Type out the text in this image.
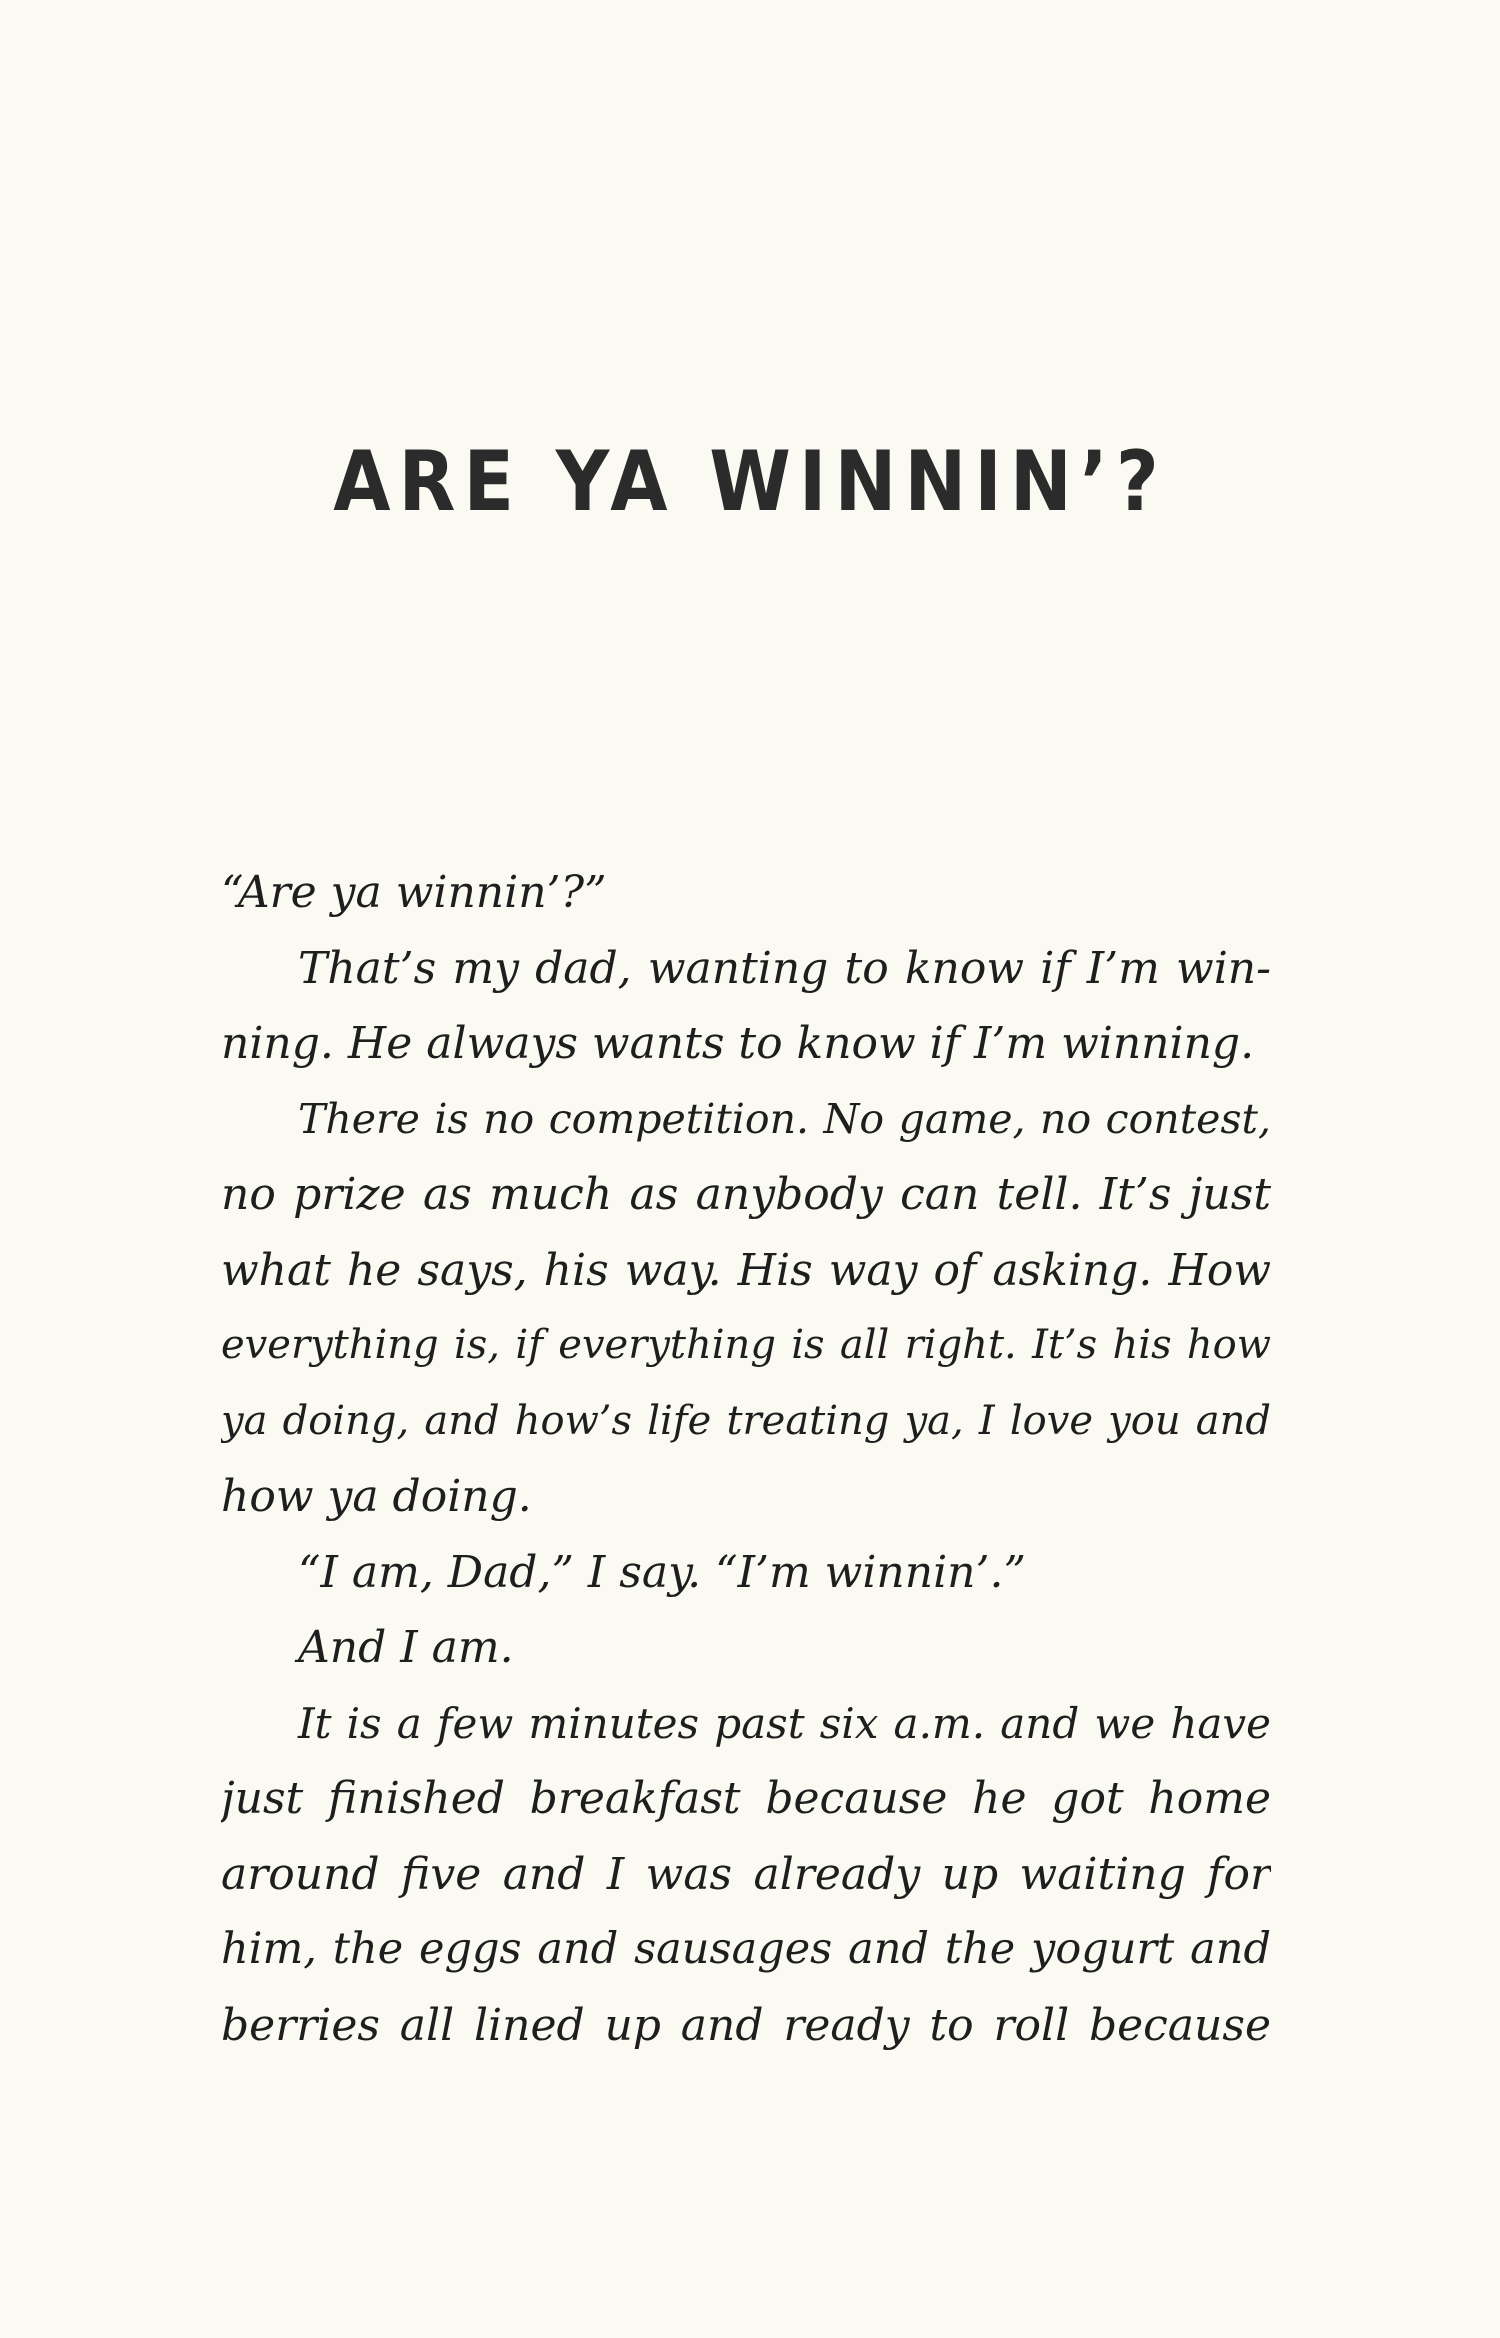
ARE YA WINNIN’?
“Are ya winnin’?”
That’s my dad, wanting to know if I’m win-
ning. He always wants to know if I’m winning.
There is no competition. No game, no contest,
no prize as much as anybody can tell. It’s just
what he says, his way. His way of asking. How
everything is, if everything is all right. It’s his how
ya doing, and how’s life treating ya, I love you and
how ya doing.
“I am, Dad,” I say. “I’m winnin’.”
And I am.
It is a few minutes past six a.m. and we have
just finished breakfast because he got home
around five and I was already up waiting for
him, the eggs and sausages and the yogurt and
berries all lined up and ready to roll because
